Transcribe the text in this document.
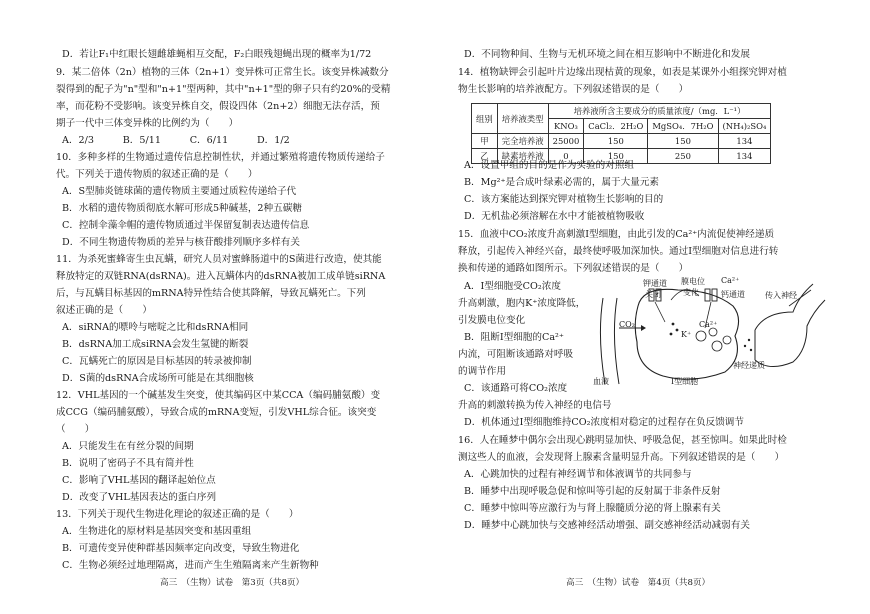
D．若让F₁中红眼长翅雌雄蝇相互交配，F₂白眼残翅蝇出现的概率为1/72
9．某二倍体（2n）植物的三体（2n+1）变异株可正常生长。该变异株减数分
裂得到的配子为"n"型和"n+1"型两种，其中"n+1"型的卵子只有约20%的受精
率，而花粉不受影响。该变异株自交，假设四体（2n+2）细胞无法存活，预
期子一代中三体变异株的比例约为（　　）
A．2/3　　　B．5/11　　　C．6/11　　　D．1/2
10．多种多样的生物通过遗传信息控制性状，并通过繁殖将遗传物质传递给子
代。下列关于遗传物质的叙述正确的是（　　）
A．S型肺炎链球菌的遗传物质主要通过质粒传递给子代
B．水稻的遗传物质彻底水解可形成5种碱基，2种五碳糖
C．控制伞藻伞帽的遗传物质通过半保留复制表达遗传信息
D．不同生物遗传物质的差异与核苷酸排列顺序多样有关
11．为杀死蜜蜂寄生虫瓦螨，研究人员对蜜蜂肠道中的S菌进行改造，使其能
释放特定的双链RNA(dsRNA)。进入瓦螨体内的dsRNA被加工成单链siRNA
后，与瓦螨目标基因的mRNA特异性结合使其降解，导致瓦螨死亡。下列
叙述正确的是（　　）
A．siRNA的嘌呤与嘧啶之比和dsRNA相同
B．dsRNA加工成siRNA会发生氢键的断裂
C．瓦螨死亡的原因是目标基因的转录被抑制
D．S菌的dsRNA合成场所可能是在其细胞核
12．VHL基因的一个碱基发生突变，使其编码区中某CCA（编码脯氨酸）变
成CCG（编码脯氨酸），导致合成的mRNA变短，引发VHL综合征。该突变
（　　）
A．只能发生在有丝分裂的间期
B．说明了密码子不具有简并性
C．影响了VHL基因的翻译起始位点
D．改变了VHL基因表达的蛋白序列
13．下列关于现代生物进化理论的叙述正确的是（　　）
A．生物进化的原材料是基因突变和基因重组
B．可遗传变异使种群基因频率定向改变，导致生物进化
C．生物必须经过地理隔离，进而产生生殖隔离来产生新物种
高三　（生物）试卷　第3页（共8页）
D．不同物种间、生物与无机环境之间在相互影响中不断进化和发展
14．植物缺钾会引起叶片边缘出现枯黄的现象，如表是某课外小组探究钾对植
物生长影响的培养液配方。下列叙述错误的是（　　）
组别	培养液类型	培养液所含主要成分的质量浓度/（mg．L⁻¹）			
		KNO₃	CaCl₂．2H₂O	MgSO₄．7H₂O	(NH₄)₂SO₄
甲	完全培养液	25000	150	150	134
乙	缺素培养液	0	150	250	134
A．设置甲组的目的是作为实验的对照组
B．Mg²⁺是合成叶绿素必需的，属于大量元素
C．该方案能达到探究钾对植物生长影响的目的
D．无机盐必须溶解在水中才能被植物吸收
15．血液中CO₂浓度升高刺激Ⅰ型细胞，由此引发的Ca²⁺内流促使神经递质
释放，引起传入神经兴奋，最终使呼吸加深加快。通过Ⅰ型细胞对信息进行转
换和传递的通路如图所示。下列叙述错误的是（　　）
A．Ⅰ型细胞受CO₂浓度
升高刺激，胞内K⁺浓度降低，
引发膜电位变化
B．阻断Ⅰ型细胞的Ca²⁺
内流，可阻断该通路对呼吸
的调节作用
C．该通路可将CO₂浓度
钾通道
关闭
膜电位
变化
Ca²⁺
钙通道	传入神经
CO₂
K⁺
Ca²⁺
神经递质
血液	Ⅰ型细胞
升高的刺激转换为传入神经的电信号
D．机体通过Ⅰ型细胞维持CO₂浓度相对稳定的过程存在负反馈调节
16．人在睡梦中偶尔会出现心跳明显加快、呼吸急促，甚至惊叫。如果此时检
测这些人的血液，会发现肾上腺素含量明显升高。下列叙述错误的是（　　）
A．心跳加快的过程有神经调节和体液调节的共同参与
B．睡梦中出现呼吸急促和惊叫等引起的反射属于非条件反射
C．睡梦中惊叫等应激行为与肾上腺髓质分泌的肾上腺素有关
D．睡梦中心跳加快与交感神经活动增强、副交感神经活动减弱有关
高三　（生物）试卷　第4页（共8页）
